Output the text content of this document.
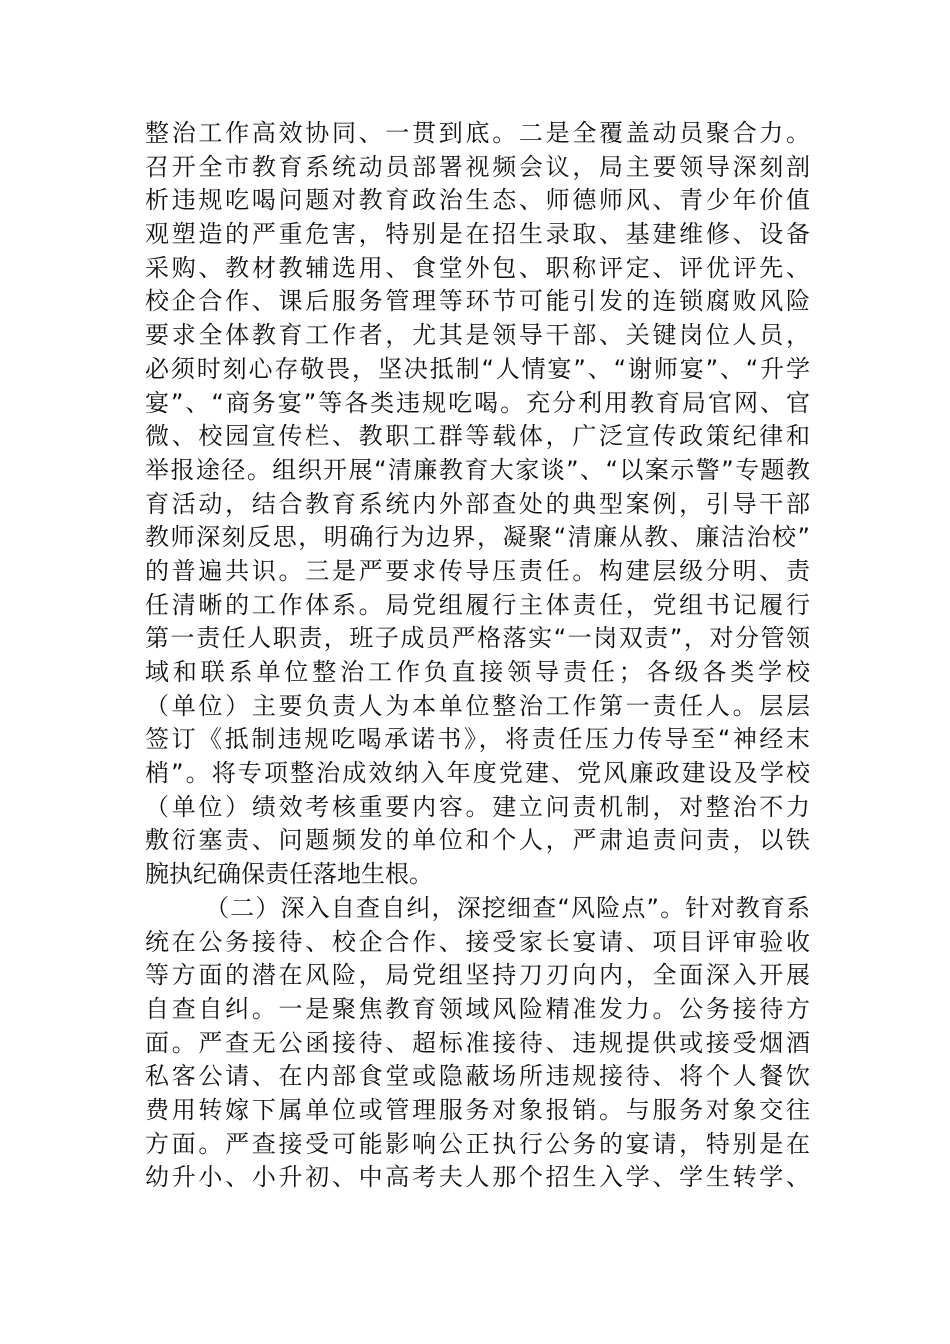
整治工作高效协同、一贯到底。二是全覆盖动员聚合力。
召开全市教育系统动员部署视频会议，局主要领导深刻剖
析违规吃喝问题对教育政治生态、师德师风、青少年价值
观塑造的严重危害，特别是在招生录取、基建维修、设备
采购、教材教辅选用、食堂外包、职称评定、评优评先、
校企合作、课后服务管理等环节可能引发的连锁腐败风险
要求全体教育工作者，尤其是领导干部、关键岗位人员，
必须时刻心存敬畏，坚决抵制“人情宴”、“谢师宴”、“升学
宴”、“商务宴”等各类违规吃喝。充分利用教育局官网、官
微、校园宣传栏、教职工群等载体，广泛宣传政策纪律和
举报途径。组织开展“清廉教育大家谈”、“以案示警”专题教
育活动，结合教育系统内外部查处的典型案例，引导干部
教师深刻反思，明确行为边界，凝聚“清廉从教、廉洁治校”
的普遍共识。三是严要求传导压责任。构建层级分明、责
任清晰的工作体系。局党组履行主体责任，党组书记履行
第一责任人职责，班子成员严格落实“一岗双责”，对分管领
域和联系单位整治工作负直接领导责任；各级各类学校
（单位）主要负责人为本单位整治工作第一责任人。层层
签订《抵制违规吃喝承诺书》，将责任压力传导至“神经末
梢”。将专项整治成效纳入年度党建、党风廉政建设及学校
（单位）绩效考核重要内容。建立问责机制，对整治不力
敷衍塞责、问题频发的单位和个人，严肃追责问责，以铁
腕执纪确保责任落地生根。
（二）深入自查自纠，深挖细查“风险点”。针对教育系
统在公务接待、校企合作、接受家长宴请、项目评审验收
等方面的潜在风险，局党组坚持刀刃向内，全面深入开展
自查自纠。一是聚焦教育领域风险精准发力。公务接待方
面。严查无公函接待、超标准接待、违规提供或接受烟酒
私客公请、在内部食堂或隐蔽场所违规接待、将个人餐饮
费用转嫁下属单位或管理服务对象报销。与服务对象交往
方面。严查接受可能影响公正执行公务的宴请，特别是在
幼升小、小升初、中高考夫人那个招生入学、学生转学、
